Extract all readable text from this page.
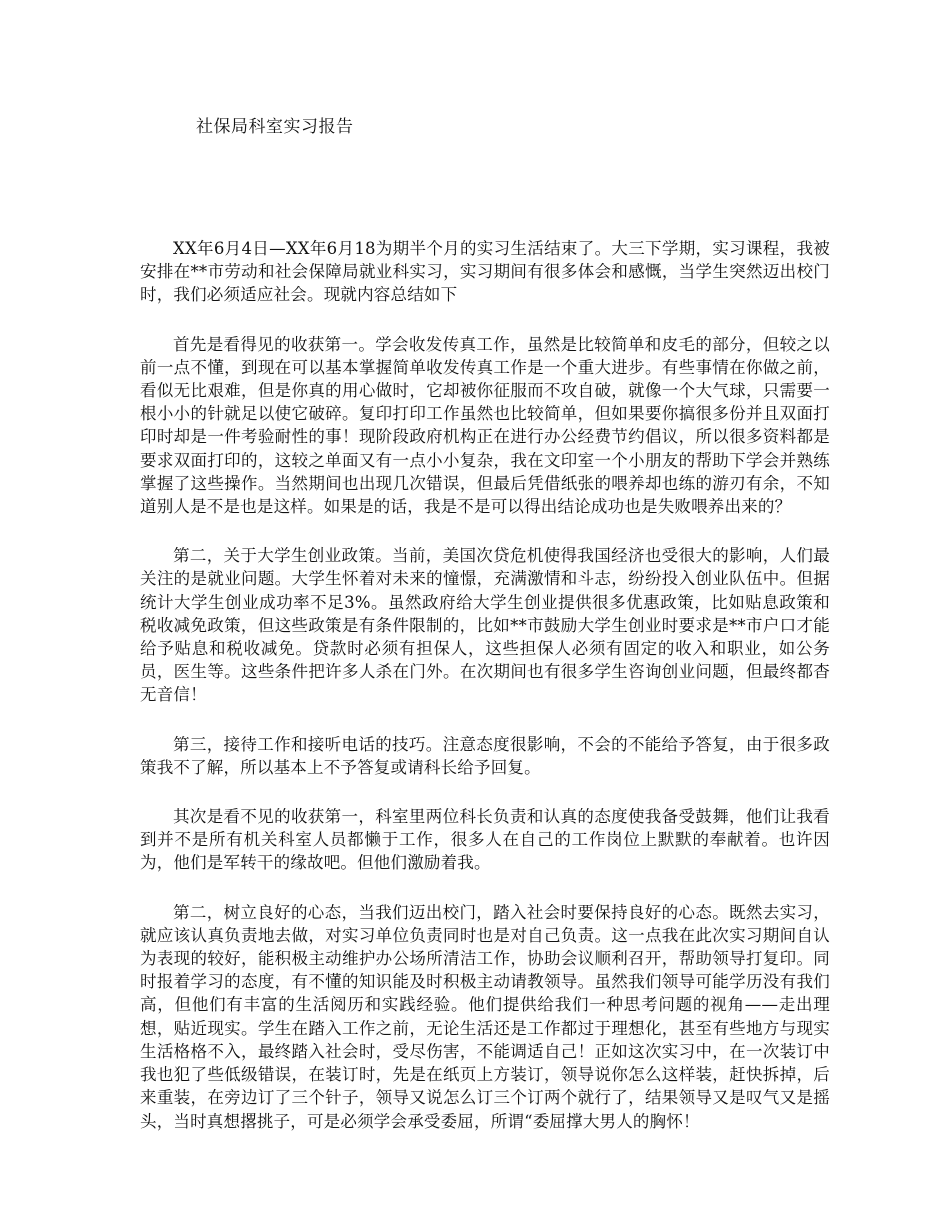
社保局科室实习报告

XX年6月4日—XX年6月18为期半个月的实习生活结束了。大三下学期，实习课程，我被安排在**市劳动和社会保障局就业科实习，实习期间有很多体会和感慨，当学生突然迈出校门时，我们必须适应社会。现就内容总结如下

首先是看得见的收获第一。学会收发传真工作，虽然是比较简单和皮毛的部分，但较之以前一点不懂，到现在可以基本掌握简单收发传真工作是一个重大进步。有些事情在你做之前，看似无比艰难，但是你真的用心做时，它却被你征服而不攻自破，就像一个大气球，只需要一根小小的针就足以使它破碎。复印打印工作虽然也比较简单，但如果要你搞很多份并且双面打印时却是一件考验耐性的事！现阶段政府机构正在进行办公经费节约倡议，所以很多资料都是要求双面打印的，这较之单面又有一点小小复杂，我在文印室一个小朋友的帮助下学会并熟练掌握了这些操作。当然期间也出现几次错误，但最后凭借纸张的喂养却也练的游刃有余，不知道别人是不是也是这样。如果是的话，我是不是可以得出结论成功也是失败喂养出来的？

第二，关于大学生创业政策。当前，美国次贷危机使得我国经济也受很大的影响，人们最关注的是就业问题。大学生怀着对未来的憧憬，充满激情和斗志，纷纷投入创业队伍中。但据统计大学生创业成功率不足3%。虽然政府给大学生创业提供很多优惠政策，比如贴息政策和税收减免政策，但这些政策是有条件限制的，比如**市鼓励大学生创业时要求是**市户口才能给予贴息和税收减免。贷款时必须有担保人，这些担保人必须有固定的收入和职业，如公务员，医生等。这些条件把许多人杀在门外。在次期间也有很多学生咨询创业问题，但最终都杳无音信！

第三，接待工作和接听电话的技巧。注意态度很影响，不会的不能给予答复，由于很多政策我不了解，所以基本上不予答复或请科长给予回复。

其次是看不见的收获第一，科室里两位科长负责和认真的态度使我备受鼓舞，他们让我看到并不是所有机关科室人员都懒于工作，很多人在自己的工作岗位上默默的奉献着。也许因为，他们是军转干的缘故吧。但他们激励着我。

第二，树立良好的心态，当我们迈出校门，踏入社会时要保持良好的心态。既然去实习，就应该认真负责地去做，对实习单位负责同时也是对自己负责。这一点我在此次实习期间自认为表现的较好，能积极主动维护办公场所清洁工作，协助会议顺利召开，帮助领导打复印。同时报着学习的态度，有不懂的知识能及时积极主动请教领导。虽然我们领导可能学历没有我们高，但他们有丰富的生活阅历和实践经验。他们提供给我们一种思考问题的视角——走出理想，贴近现实。学生在踏入工作之前，无论生活还是工作都过于理想化，甚至有些地方与现实生活格格不入，最终踏入社会时，受尽伤害，不能调适自己！正如这次实习中，在一次装订中我也犯了些低级错误，在装订时，先是在纸页上方装订，领导说你怎么这样装，赶快拆掉，后来重装，在旁边订了三个针子，领导又说怎么订三个订两个就行了，结果领导又是叹气又是摇头，当时真想撂挑子，可是必须学会承受委屈，所谓“委屈撑大男人的胸怀！
